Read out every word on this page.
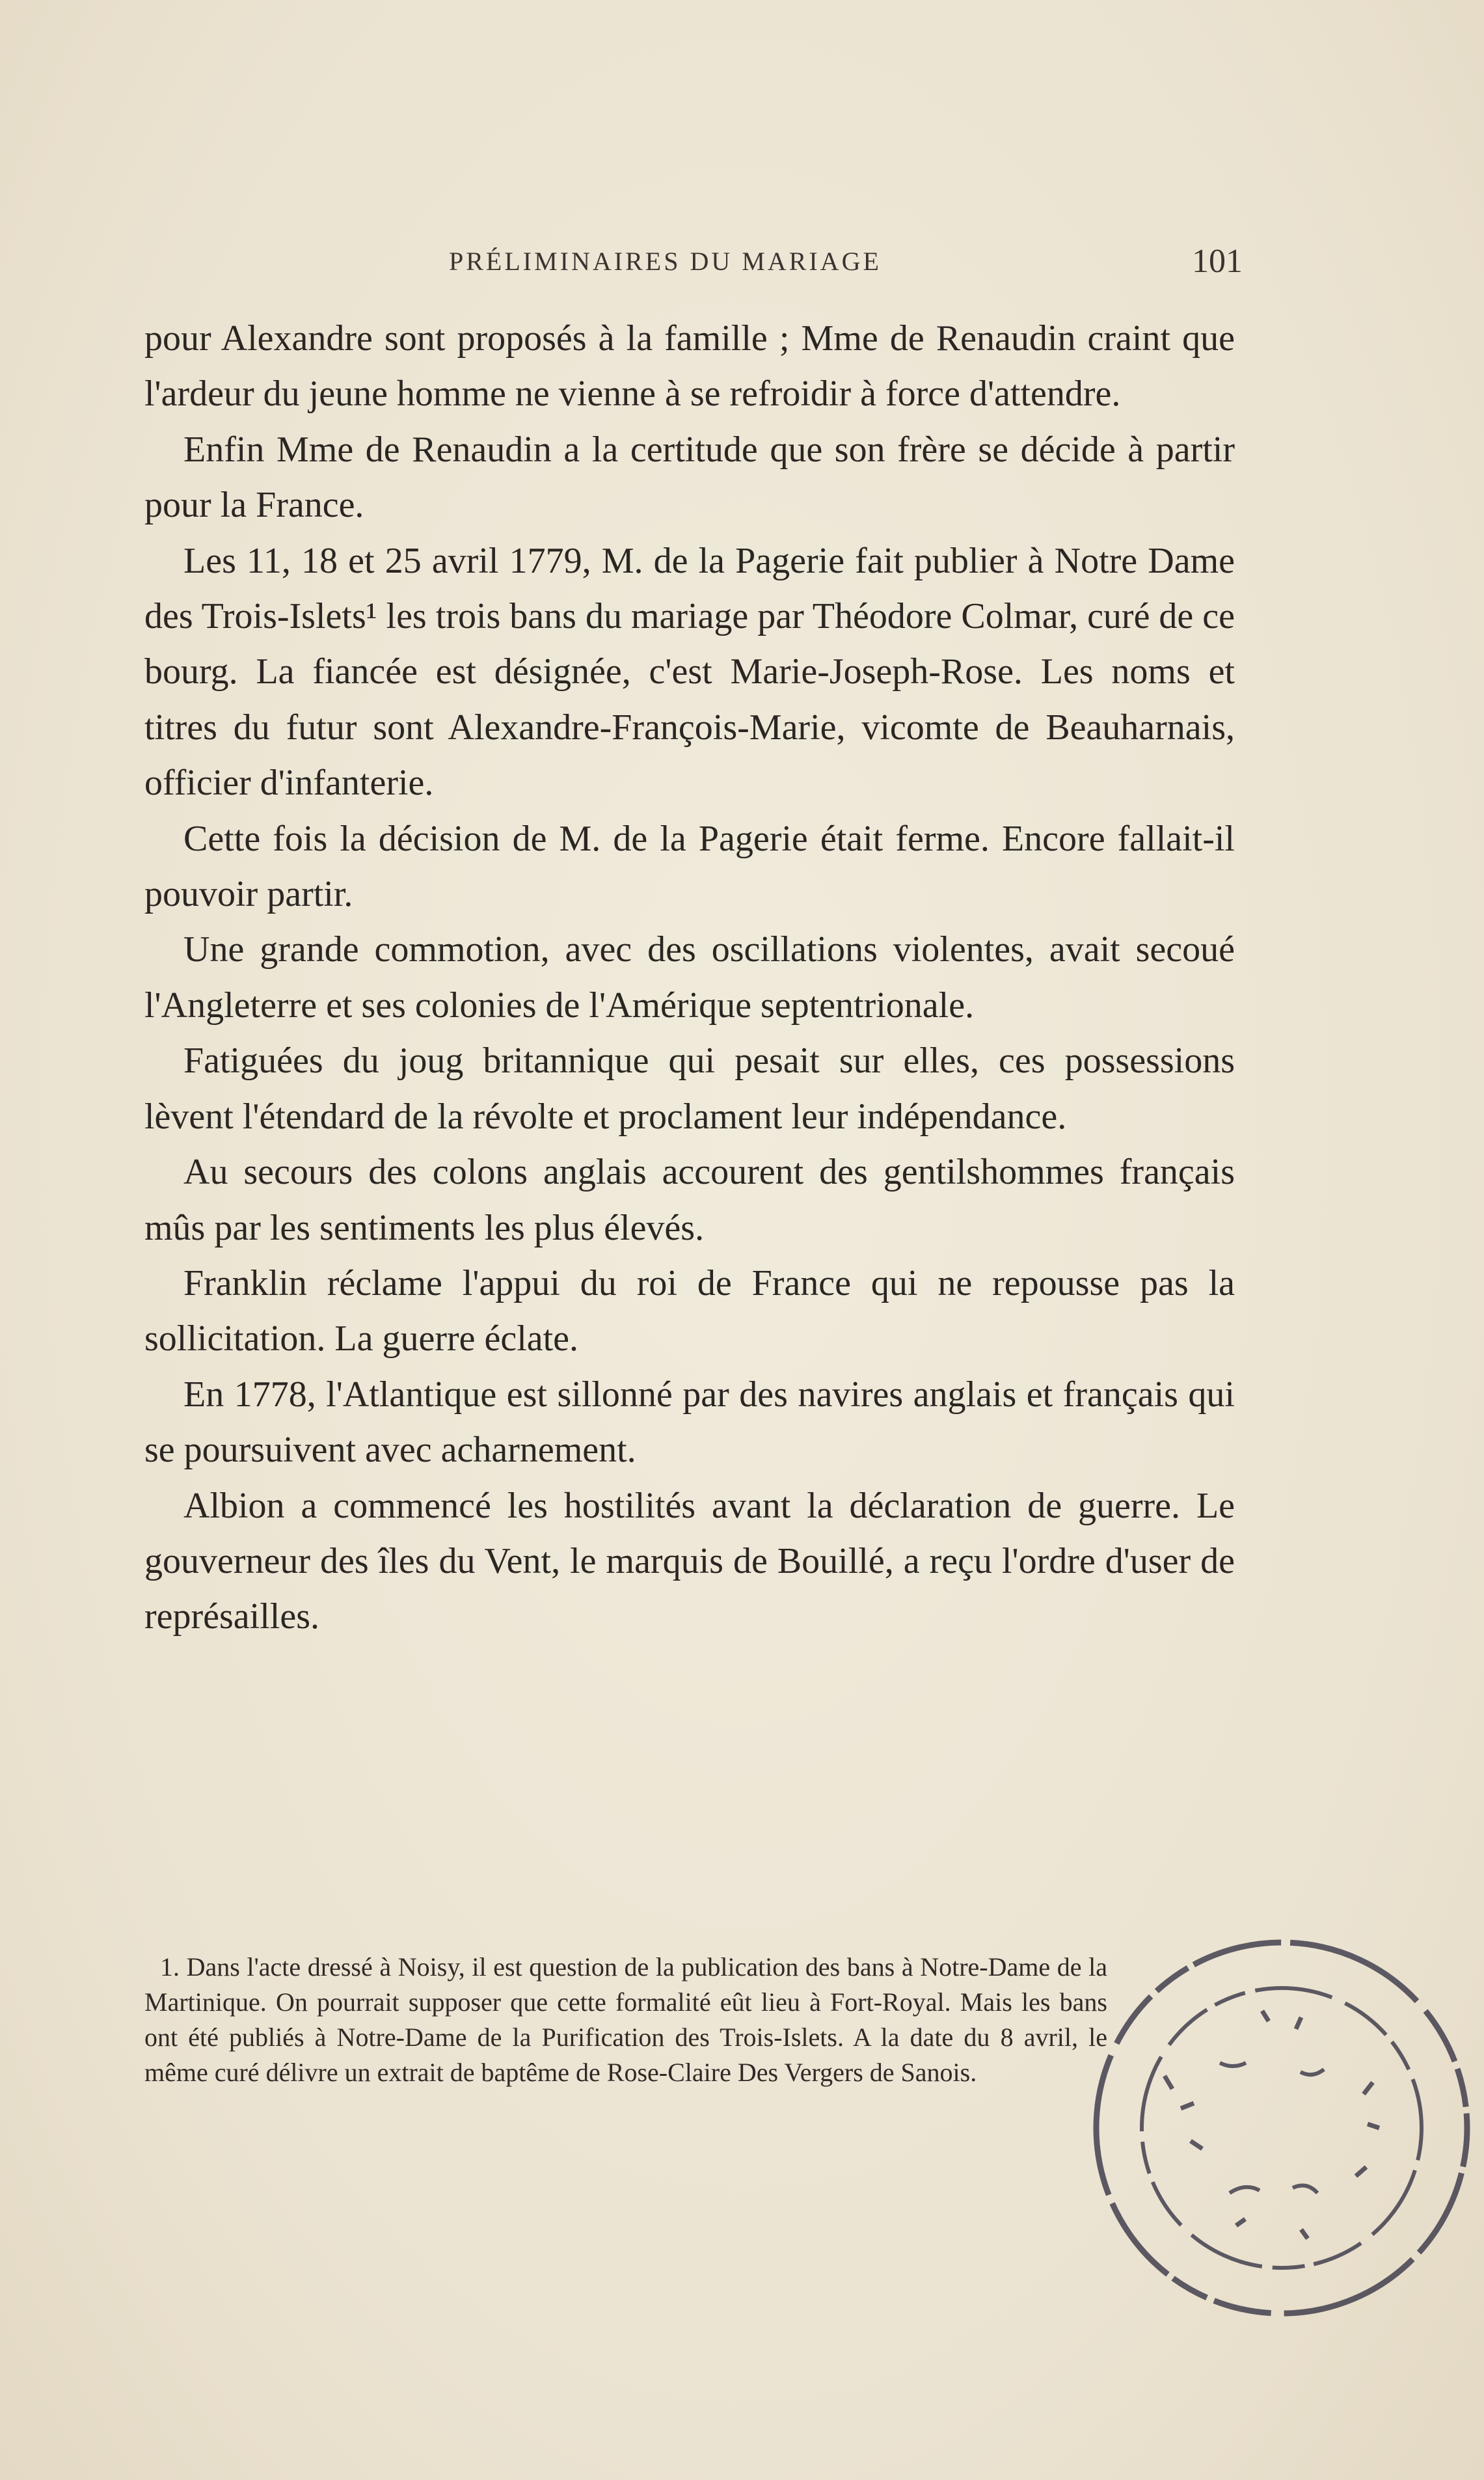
PRÉLIMINAIRES DU MARIAGE	101

pour Alexandre sont proposés à la famille ; Mme de Renaudin craint que l'ardeur du jeune homme ne vienne à se refroidir à force d'attendre.

Enfin Mme de Renaudin a la certitude que son frère se décide à partir pour la France.

Les 11, 18 et 25 avril 1779, M. de la Pagerie fait publier à Notre Dame des Trois-Islets¹ les trois bans du mariage par Théodore Colmar, curé de ce bourg. La fiancée est désignée, c'est Marie-Joseph-Rose. Les noms et titres du futur sont Alexandre-François-Marie, vicomte de Beauharnais, officier d'infanterie.

Cette fois la décision de M. de la Pagerie était ferme. Encore fallait-il pouvoir partir.

Une grande commotion, avec des oscillations violentes, avait secoué l'Angleterre et ses colonies de l'Amérique septentrionale.

Fatiguées du joug britannique qui pesait sur elles, ces possessions lèvent l'étendard de la révolte et proclament leur indépendance.

Au secours des colons anglais accourent des gentilshommes français mûs par les sentiments les plus élevés.

Franklin réclame l'appui du roi de France qui ne repousse pas la sollicitation. La guerre éclate.

En 1778, l'Atlantique est sillonné par des navires anglais et français qui se poursuivent avec acharnement.

Albion a commencé les hostilités avant la déclaration de guerre. Le gouverneur des îles du Vent, le marquis de Bouillé, a reçu l'ordre d'user de représailles.

1. Dans l'acte dressé à Noisy, il est question de la publication des bans à Notre-Dame de la Martinique. On pourrait supposer que cette formalité eût lieu à Fort-Royal. Mais les bans ont été publiés à Notre-Dame de la Purification des Trois-Islets. A la date du 8 avril, le même curé délivre un extrait de baptême de Rose-Claire Des Vergers de Sanois.
